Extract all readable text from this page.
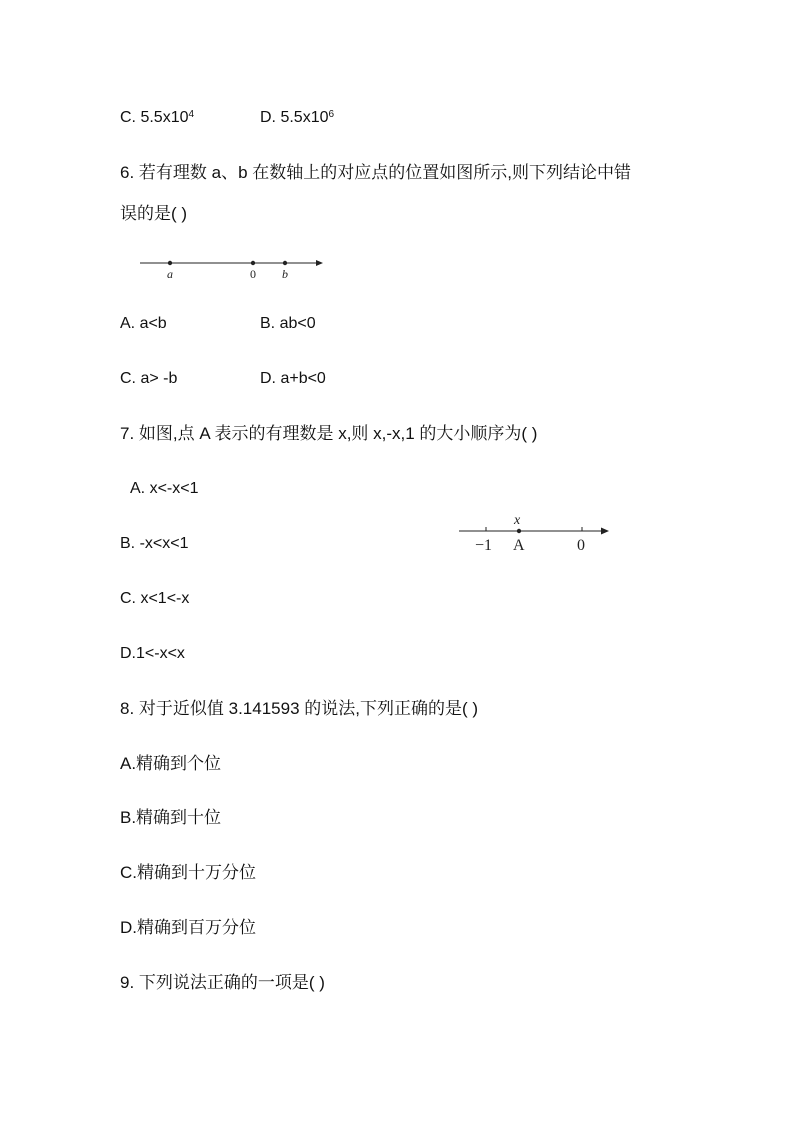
C. $5.5x10^4$	D. $5.5x10^6$
6. 若有理数 a、b 在数轴上的对应点的位置如图所示,则下列结论中错
误的是( )
a	0 b
A. a<b	B. ab<0
C. a> -b	D. a+b<0
7. 如图,点 A 表示的有理数是 x,则 x,-x,1 的大小顺序为( )
A. x<-x<1
B. -x<x<1
C. x<1<-x
D.1<-x<x
x
−1 A	0
8. 对于近似值 3.141593 的说法,下列正确的是( )
A.精确到个位
B.精确到十位
C.精确到十万分位
D.精确到百万分位
9. 下列说法正确的一项是( )
